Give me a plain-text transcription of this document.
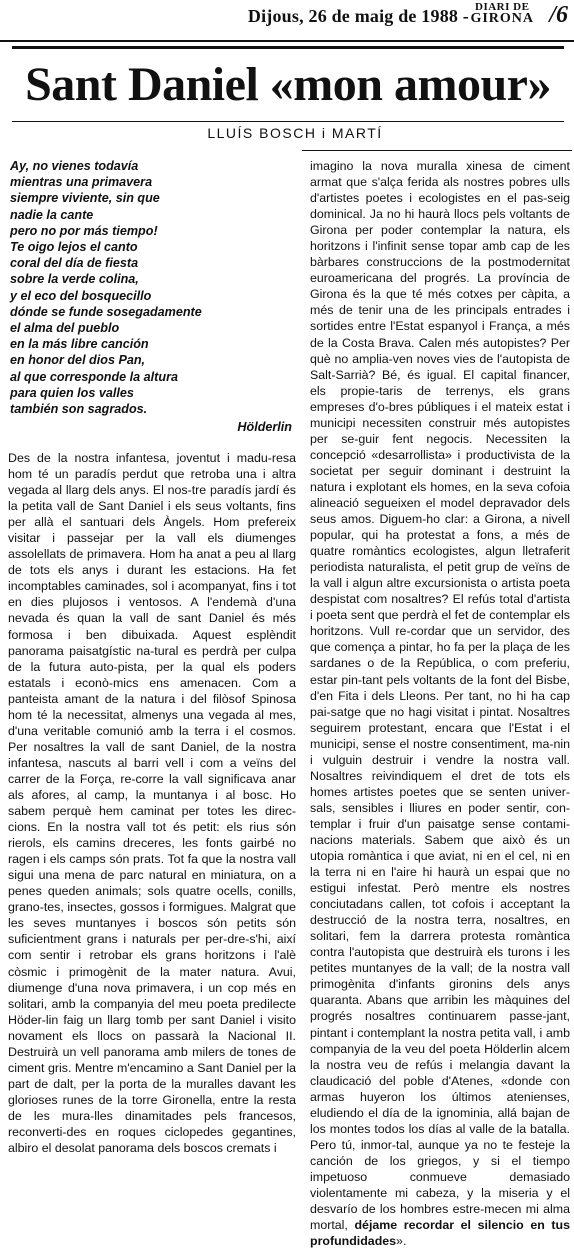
Dijous, 26 de maig de 1988 - DIARI DE
GIRONA /6
Sant Daniel «mon amour»
LLUÍS BOSCH i MARTÍ
Ay, no vienes todavía
mientras una primavera
siempre viviente, sin que
nadie la cante
pero no por más tiempo!
Te oigo lejos el canto
coral del día de fiesta
sobre la verde colina,
y el eco del bosquecillo
dónde se funde sosegadamente
el alma del pueblo
en la más libre canción
en honor del dios Pan,
al que corresponde la altura
para quien los valles
también son sagrados.
Hölderlin

Des de la nostra infantesa, joventut i madu-resa hom té un paradís perdut que retroba una i altra vegada al llarg dels anys. El nos-tre paradís jardí és la petita vall de Sant Daniel i els seus voltants, fins per allà el santuari dels Àngels. Hom prefereix visitar i passejar per la vall els diumenges assolellats de primavera. Hom ha anat a peu al llarg de tots els anys i durant les estacions. Ha fet incomptables caminades, sol i acompanyat, fins i tot en dies plujosos i ventosos. A l'endemà d'una nevada és quan la vall de sant Daniel és més formosa i ben dibuixada. Aquest esplèndit panorama paisatgístic na-tural es perdrà per culpa de la futura auto-pista, per la qual els poders estatals i econò-mics ens amenacen. Com a panteista amant de la natura i del filòsof Spinosa hom té la necessitat, almenys una vegada al mes, d'una veritable comunió amb la terra i el cosmos. Per nosaltres la vall de sant Daniel, de la nostra infantesa, nascuts al barri vell i com a veïns del carrer de la Força, re-corre la vall significava anar als afores, al camp, la muntanya i al bosc. Ho sabem perquè hem caminat per totes les direc-cions. En la nostra vall tot és petit: els rius són rierols, els camins dreceres, les fonts gairbé no ragen i els camps són prats. Tot fa que la nostra vall sigui una mena de parc natural en miniatura, on a penes queden animals; sols quatre ocells, conills, grano-tes, insectes, gossos i formigues. Malgrat que les seves muntanyes i boscos són petits són suficientment grans i naturals per per-dre-s'hi, així com sentir i retrobar els grans horitzons i l'alè còsmic i primogènit de la mater natura. Avui, diumenge d'una nova primavera, i un cop més en solitari, amb la companyia del meu poeta predilecte Höder-lin faig un llarg tomb per sant Daniel i visito novament els llocs on passarà la Nacional II. Destruirà un vell panorama amb milers de tones de ciment gris. Mentre m'encamino a Sant Daniel per la part de dalt, per la porta de la muralles davant les glorioses runes de la torre Gironella, entre la resta de les mura-lles dinamitades pels francesos, reconverti-des en roques ciclopedes gegantines, albiro el desolat panorama dels boscos cremats i

imagino la nova muralla xinesa de ciment armat que s'alça ferida als nostres pobres ulls d'artistes poetes i ecologistes en el pas-seig dominical. Ja no hi haurà llocs pels voltants de Girona per poder contemplar la natura, els horitzons i l'infinit sense topar amb cap de les bàrbares construccions de la postmodernitat euroamericana del progrés. La província de Girona és la que té més cotxes per càpita, a més de tenir una de les principals entrades i sortides entre l'Estat espanyol i França, a més de la Costa Brava. Calen més autopistes? Per què no amplia-ven noves vies de l'autopista de Salt-Sarrià? Bé, és igual. El capital financer, els propie-taris de terrenys, els grans empreses d'o-bres públiques i el mateix estat i municipi necessiten construir més autopistes per se-guir fent negocis. Necessiten la concepció «desarrollista» i productivista de la societat per seguir dominant i destruint la natura i explotant els homes, en la seva cofoia alineació segueixen el model depravador dels seus amos. Diguem-ho clar: a Girona, a nivell popular, qui ha protestat a fons, a més de quatre romàntics ecologistes, algun lletraferit periodista naturalista, el petit grup de veïns de la vall i algun altre excursionista o artista poeta despistat com nosaltres? El refús total d'artista i poeta sent que perdrà el fet de contemplar els horitzons. Vull re-cordar que un servidor, des que comença a pintar, ho fa per la plaça de les sardanes o de la República, o com preferiu, estar pin-tant pels voltants de la font del Bisbe, d'en Fita i dels Lleons. Per tant, no hi ha cap pai-satge que no hagi visitat i pintat. Nosaltres seguirem protestant, encara que l'Estat i el municipi, sense el nostre consentiment, ma-nin i vulguin destruir i vendre la nostra vall. Nosaltres reivindiquem el dret de tots els homes artistes poetes que se senten univer-sals, sensibles i lliures en poder sentir, con-templar i fruir d'un paisatge sense contami-nacions materials. Sabem que això és un utopia romàntica i que aviat, ni en el cel, ni en la terra ni en l'aire hi haurà un espai que no estigui infestat. Però mentre els nostres conciutadans callen, tot cofois i acceptant la destrucció de la nostra terra, nosaltres, en solitari, fem la darrera protesta romàntica contra l'autopista que destruirà els turons i les petites muntanyes de la vall; de la nostra vall primogènita d'infants gironins dels anys quaranta. Abans que arribin les màquines del progrés nosaltres continuarem passe-jant, pintant i contemplant la nostra petita vall, i amb companyia de la veu del poeta Hölderlin alcem la nostra veu de refús i melangia davant la claudicació del poble d'Atenes, «donde con armas huyeron los últimos atenienses, eludiendo el día de la ignominia, allá bajan de los montes todos los días al valle de la batalla. Pero tú, inmor-tal, aunque ya no te festeje la canción de los griegos, y si el tiempo impetuoso conmueve demasiado violentamente mi cabeza, y la miseria y el desvarío de los hombres estre-mecen mi alma mortal, déjame recordar el silencio en tus profundidades».
